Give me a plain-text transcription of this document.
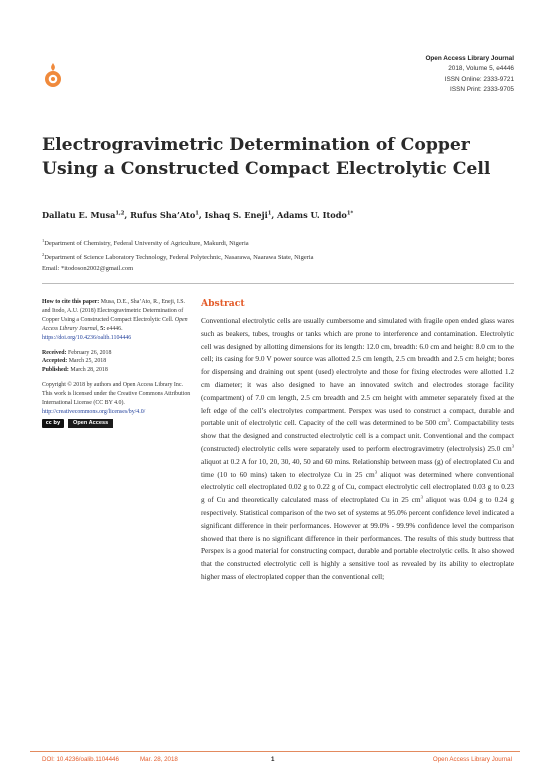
Open Access Library Journal
2018, Volume 5, e4446
ISSN Online: 2333-9721
ISSN Print: 2333-9705
Electrogravimetric Determination of Copper Using a Constructed Compact Electrolytic Cell
Dallatu E. Musa$^{1,2}$, Rufus Sha’Ato$^1$, Ishaq S. Eneji$^1$, Adams U. Itodo$^{1*}$
$^1$Department of Chemistry, Federal University of Agriculture, Makurdi, Nigeria
$^2$Department of Science Laboratory Technology, Federal Polytechnic, Nasarawa, Naarawa State, Nigeria
Email: *itodoson2002@gmail.com
How to cite this paper: Musa, D.E., Sha’Ato, R., Eneji, I.S. and Itodo, A.U. (2018) Electrogravimetric Determination of Copper Using a Constructed Compact Electrolytic Cell. Open Access Library Journal, 5: e4446.
https://doi.org/10.4236/oalib.1104446
Received: February 26, 2018
Accepted: March 25, 2018
Published: March 28, 2018
Copyright © 2018 by authors and Open Access Library Inc.
This work is licensed under the Creative Commons Attribution International License (CC BY 4.0).
http://creativecommons.org/licenses/by/4.0/
cc by	Open Access
Abstract
Conventional electrolytic cells are usually cumbersome and simulated with fragile open ended glass wares such as beakers, tubes, troughs or tanks which are prone to interference and contamination. Electrolytic cell was designed by allotting dimensions for its length: 12.0 cm, breadth: 6.0 cm and height: 8.0 cm to the cell; its casing for 9.0 V power source was allotted 2.5 cm length, 2.5 cm breadth and 2.5 cm height; bores for dispensing and draining out spent (used) electrolyte and those for fixing electrodes were allotted 1.2 cm diameter; it was also designed to have an innovated switch and electrodes storage facility (compartment) of 7.0 cm length, 2.5 cm breadth and 2.5 cm height with ammeter separately fixed at the left edge of the cell’s electrolytes compartment. Perspex was used to construct a compact, durable and portable unit of electrolytic cell. Capacity of the cell was determined to be 500 $cm^3$. Compactability tests show that the designed and constructed electrolytic cell is a compact unit. Conventional and the compact (constructed) electrolytic cells were separately used to perform electrogravimetry (electrolysis) 25.0 $cm^3$ aliquot at 0.2 A for 10, 20, 30, 40, 50 and 60 mins. Relationship between mass (g) of electroplated Cu and time (10 to 60 mins) taken to electrolyze Cu in 25 $cm^3$ aliquot was determined where conventional electrolytic cell electroplated 0.02 g to 0.22 g of Cu, compact electrolytic cell electroplated 0.03 g to 0.23 g of Cu and theoretically calculated mass of electroplated Cu in 25 $cm^3$ aliquot was 0.04 g to 0.24 g respectively. Statistical comparison of the two set of systems at 95.0% percent confidence level indicated a significant difference in their performances. However at 99.0% - 99.9% confidence level the comparison showed that there is no significant difference in their performances. The results of this study buttress that Perspex is a good material for constructing compact, durable and portable electrolytic cells. It also showed that the constructed electrolytic cell is highly a sensitive tool as revealed by its ability to electroplate higher mass of electroplated copper than the conventional cell;
DOI: 10.4236/oalib.1104446	Mar. 28, 2018	1	Open Access Library Journal
